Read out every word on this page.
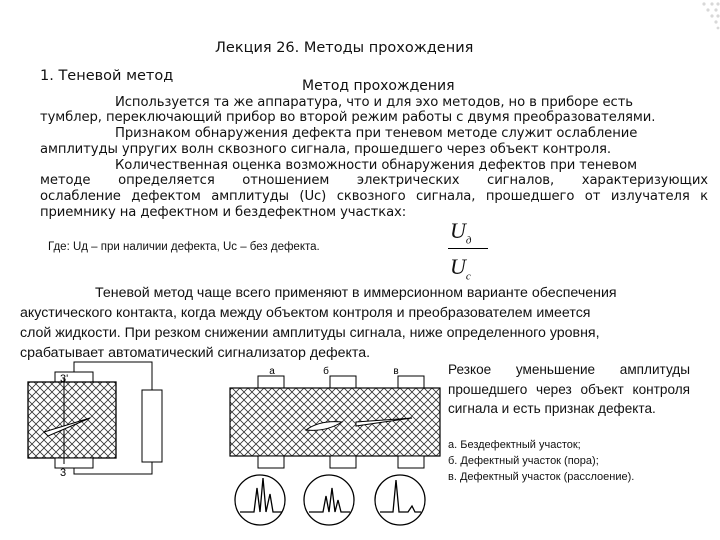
Лекция 26. Методы прохождения
1. Теневой метод
Метод прохождения
Используется та же аппаратура, что и для эхо методов, но в приборе есть
тумблер, переключающий прибор во второй режим работы с двумя преобразователями.
Признаком обнаружения дефекта при теневом методе служит ослабление
амплитуды упругих волн сквозного сигнала, прошедшего через объект контроля.
Количественная оценка возможности обнаружения дефектов при теневом
методе определяется отношением электрических сигналов, характеризующих
ослабление дефектом амплитуды (Uс) сквозного сигнала, прошедшего от излучателя к
приемнику на дефектном и бездефектном участках:
Где: Uд – при наличии дефекта, Uc – без дефекта.
$U_д$
$U_c$
Теневой метод чаще всего применяют в иммерсионном варианте обеспечения
акустического контакта, когда между объектом контроля и преобразователем имеется
слой жидкости. При резком снижении амплитуды сигнала, ниже определенного уровня,
срабатывает автоматический сигнализатор дефекта.
3'
3
а	б	в	Резкое уменьшение амплитуды прошедшего через объект контроля сигнала и есть признак дефекта.
а. Бездефектный участок;
б. Дефектный участок (пора);
в. Дефектный участок (расслоение).
